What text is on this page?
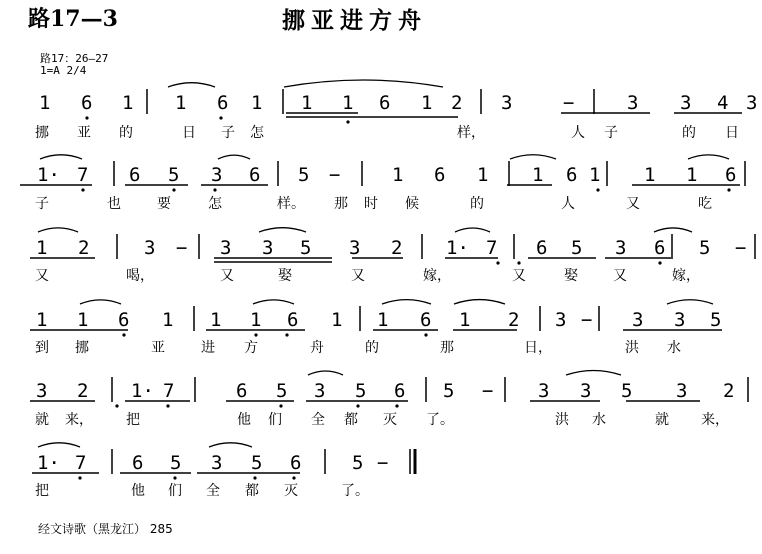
路17—3	挪亚进方舟
路17：26—27
1=A 2/4
1 6 1 1 6 1 1 1 6 1 2 3	−	3 3 4 3
1· 7 6 5 3 6 5 −	1 6 1 1 6 1 1 1 6
1 2	3 − 3 3 5 3 2 1· 7 6 5 3 6 5 −
1 1 6 1 1 1 6 1 1 6 1 2 3 − 3 3 5
3 2 1· 7	6 5 3 5 6 5 − 3 3 5 3 2
1· 7 6 5 3 5 6	5 −
挪 亚 的	日 子 怎	样，	人 子	的 日
子	也	要	怎	样。 那 时 候	的	人	又	吃
又	喝，	又	娶	又	嫁，	又	娶	又	嫁，
到 挪	亚	进 方	舟	的	那	日，	洪 水
就 来， 把	他 们 全 都 灭 了。	洪 水	就 来，
把	他 们 全 都 灭	了。
经文诗歌（黑龙江） 285
